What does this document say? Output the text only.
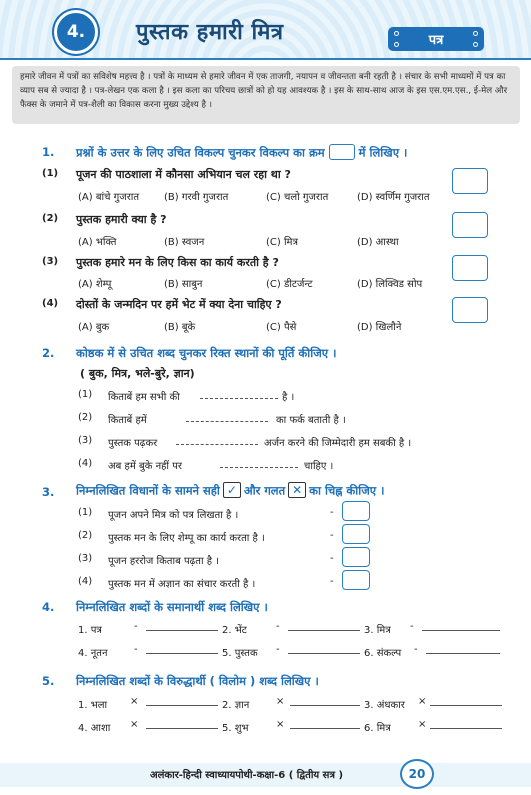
4.	पुस्तक हमारी मित्र	पत्र
हमारे जीवन में पत्रों का सविशेष महत्त्व है । पत्रों के माध्यम से हमारे जीवन में एक ताजगी, नयापन व जीवन्तता बनी रहती है । संचार के सभी माध्यमों में पत्र का व्याप सब से ज्यादा है । पत्र-लेखन एक कला है । इस कला का परिचय छात्रों को हो यह आवश्यक है । इस के साथ-साथ आज के इस एस.एम.एस., ई-मेल और फैक्स के जमाने में पत्र-शैली का विकास करना मुख्य उद्देश्य है ।
1. प्रश्नों के उत्तर के लिए उचित विकल्प चुनकर विकल्प का क्रम	में लिखिए ।
(1) पूजन की पाठशाला में कौनसा अभियान चल रहा था ?
(A) बांचे गुजरात (B) गरवी गुजरात	(C) चलो गुजरात	(D) स्वर्णिम गुजरात
(2) पुस्तक हमारी क्या है ?
(A) भक्ति	(B) स्वजन	(C) मित्र	(D) आस्था
(3) पुस्तक हमारे मन के लिए किस का कार्य करती है ?
(A) शेम्पू	(B) साबुन	(C) डीटर्जन्ट	(D) लिक्विड सोप
(4) दोस्तों के जन्मदिन पर हमें भेट में क्या देना चाहिए ?
(A) बुक	(B) बूके	(C) पैसे	(D) खिलौने
2. कोष्ठक में से उचित शब्द चुनकर रिक्त स्थानों की पूर्ति कीजिए ।
( बुक, मित्र, भले-बुरे, ज्ञान)
(1) किताबें हम सभी की	है ।
(2) किताबें हमें	का फर्क बताती है ।
(3) पुस्तक पढ़कर	अर्जन करने की जिम्मेदारी हम सबकी है ।
(4) अब हमें बुके नहीं पर	चाहिए ।
3. निम्नलिखित विधानों के सामने सही ✓ और गलत ✕ का चिह्न कीजिए ।
(1) पूजन अपने मित्र को पत्र लिखता है ।	-
(2) पुस्तक मन के लिए शेम्पू का कार्य करता है ।	-
(3) पूजन हररोज किताब पढ़ता है ।	-
(4) पुस्तक मन में अज्ञान का संचार करती है ।	-
4. निम्नलिखित शब्दों के समानार्थी शब्द लिखिए ।
1. पत्र	-	2. भेंट	-	3. मित्र -
4. नूतन	-	5. पुस्तक -	6. संकल्प -
5. निम्नलिखित शब्दों के विरुद्धार्थी ( विलोम ) शब्द लिखिए ।
1. भला ×	2. ज्ञान	×	3. अंधकार ×
4. आशा ×	5. शुभ	×	6. मित्र	×
अलंकार-हिन्दी स्वाध्यायपोथी-कक्षा-6 ( द्वितीय सत्र )	20
